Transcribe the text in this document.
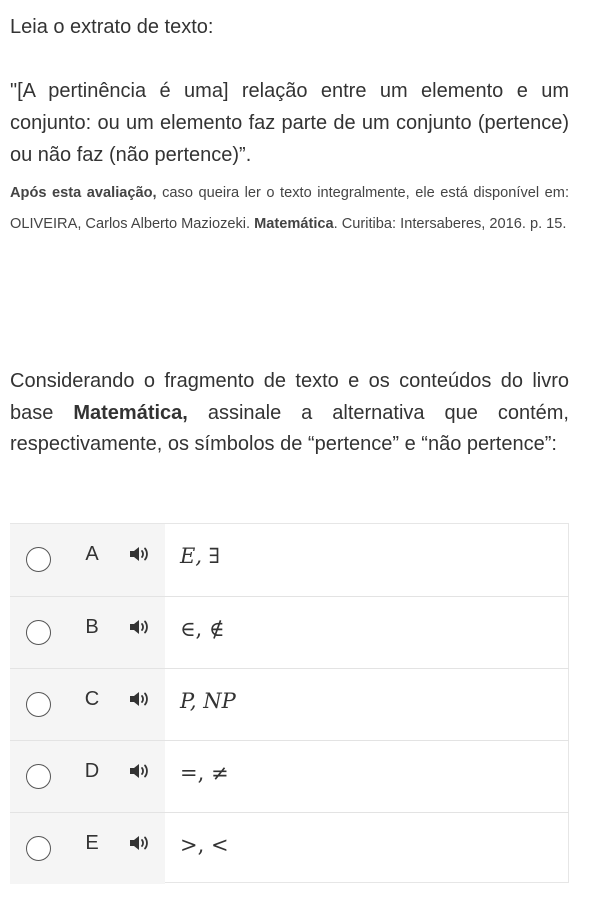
Leia o extrato de texto:
"[A pertinência é uma] relação entre um elemento e um conjunto: ou um elemento faz parte de um conjunto (pertence) ou não faz (não pertence)”.
Após esta avaliação, caso queira ler o texto integralmente, ele está disponível em: OLIVEIRA, Carlos Alberto Maziozeki. Matemática. Curitiba: Intersaberes, 2016. p. 15.
Considerando o fragmento de texto e os conteúdos do livro base Matemática, assinale a alternativa que contém, respectivamente, os símbolos de “pertence” e “não pertence”:
A	E, ∃
B	∈, ∉
C	P, NP
D	=, ≠
E	>, <
